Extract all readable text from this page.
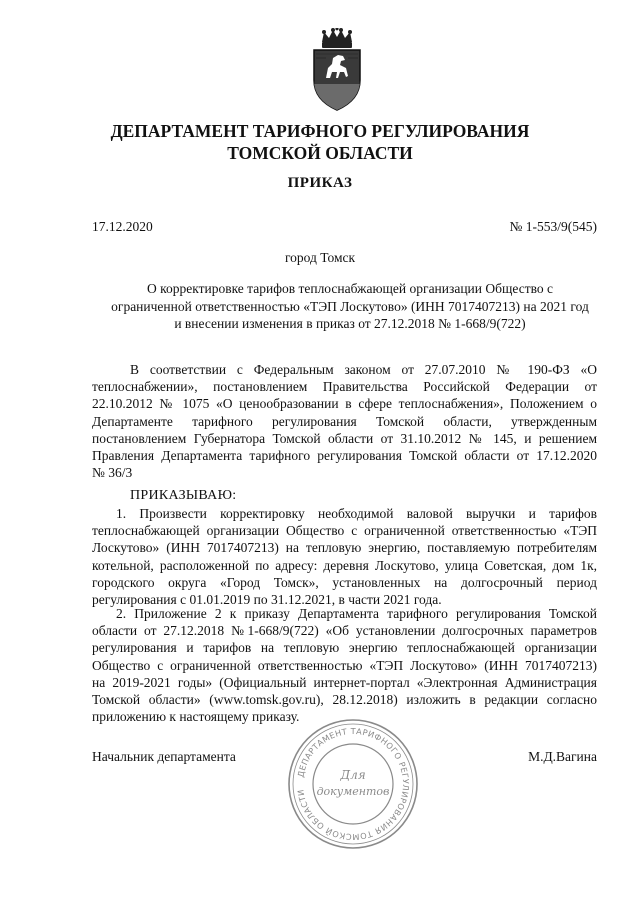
ДЕПАРТАМЕНТ ТАРИФНОГО РЕГУЛИРОВАНИЯ
ТОМСКОЙ ОБЛАСТИ
ПРИКАЗ
17.12.2020	№ 1-553/9(545)
город Томск
О корректировке тарифов теплоснабжающей организации Общество с
ограниченной ответственностью «ТЭП Лоскутово» (ИНН 7017407213) на 2021 год
и внесении изменения в приказ от 27.12.2018 № 1-668/9(722)
В соответствии с Федеральным законом от 27.07.2010 № 190-ФЗ «О
теплоснабжении», постановлением Правительства Российской Федерации от
22.10.2012 № 1075 «О ценообразовании в сфере теплоснабжения», Положением о
Департаменте тарифного регулирования Томской области, утвержденным
постановлением Губернатора Томской области от 31.10.2012 № 145, и решением
Правления Департамента тарифного регулирования Томской области от 17.12.2020
№ 36/3
ПРИКАЗЫВАЮ:
1. Произвести корректировку необходимой валовой выручки и тарифов
теплоснабжающей организации Общество с ограниченной ответственностью «ТЭП
Лоскутово» (ИНН 7017407213) на тепловую энергию, поставляемую потребителям
котельной, расположенной по адресу: деревня Лоскутово, улица Советская, дом 1к,
городского округа «Город Томск», установленных на долгосрочный период
регулирования с 01.01.2019 по 31.12.2021, в части 2021 года.
2. Приложение 2 к приказу Департамента тарифного регулирования Томской
области от 27.12.2018 №1-668/9(722) «Об установлении долгосрочных параметров
регулирования и тарифов на тепловую энергию теплоснабжающей организации
Общество с ограниченной ответственностью «ТЭП Лоскутово» (ИНН 7017407213)
на 2019-2021 годы» (Официальный интернет-портал «Электронная Администрация
Томской области» (www.tomsk.gov.ru), 28.12.2018) изложить в редакции согласно
приложению к настоящему приказу.
Начальник департамента	М.Д.Вагина
ДЕПАРТАМЕНТ ТАРИФНОГО РЕГУЛИРОВАНИЯ ТОМСКОЙ ОБЛАСТИ
Для
документов
